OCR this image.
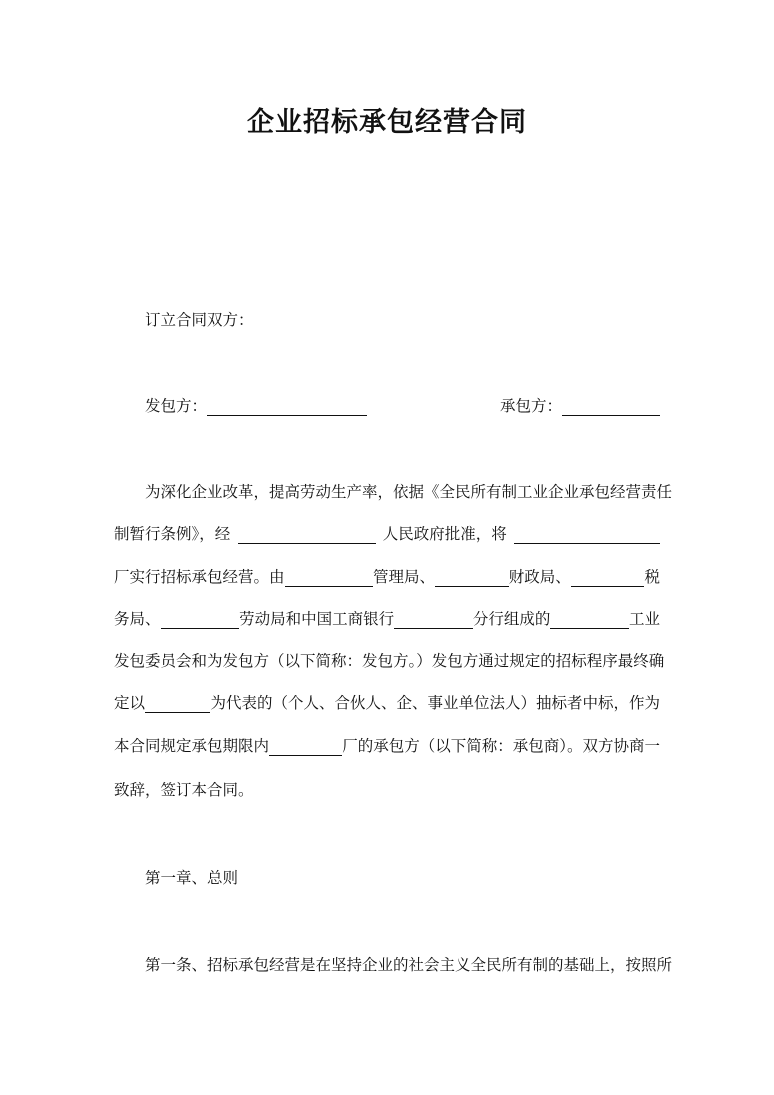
企业招标承包经营合同
订立合同双方：
发包方：	承包方：
为深化企业改革，提高劳动生产率，依据《全民所有制工业企业承包经营责任
制暂行条例》，经	人民政府批准，将
厂实行招标承包经营。由	管理局、	财政局、	税
务局、	劳动局和中国工商银行	分行组成的	工业
发包委员会和为发包方（以下简称：发包方。）发包方通过规定的招标程序最终确
定以	为代表的（个人、合伙人、企、事业单位法人）抽标者中标，作为
本合同规定承包期限内	厂的承包方（以下简称：承包商）。双方协商一
致辞，签订本合同。
第一章、总则
第一条、招标承包经营是在坚持企业的社会主义全民所有制的基础上，按照所
